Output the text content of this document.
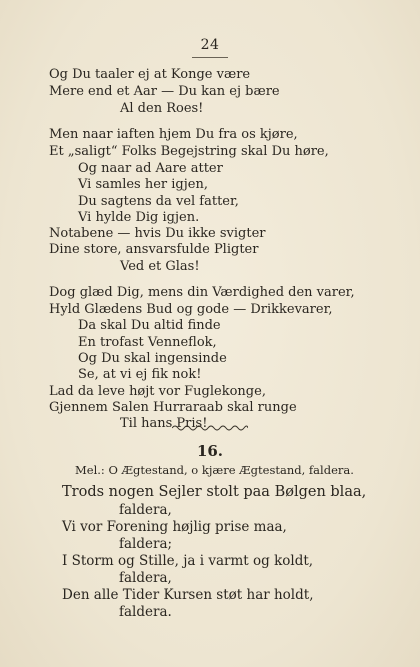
24
Og Du taaler ej at Konge være
Mere end et Aar — Du kan ej bære
Al den Roes!
Men naar iaften hjem Du fra os kjøre,
Et „saligt“ Folks Begejstring skal Du høre,
Og naar ad Aare atter
Vi samles her igjen,
Du sagtens da vel fatter,
Vi hylde Dig igjen.
Notabene — hvis Du ikke svigter
Dine store, ansvarsfulde Pligter
Ved et Glas!
Dog glæd Dig, mens din Værdighed den varer,
Hyld Glædens Bud og gode — Drikkevarer,
Da skal Du altid finde
En trofast Venneflok,
Og Du skal ingensinde
Se, at vi ej fik nok!
Lad da leve højt vor Fuglekonge,
Gjennem Salen Hurraraab skal runge
Til hans Pris!
16.
Mel.: O Ægtestand, o kjære Ægtestand, faldera.
Trods nogen Sejler stolt paa Bølgen blaa,
faldera,
Vi vor Forening højlig prise maa,
faldera;
I Storm og Stille, ja i varmt og koldt,
faldera,
Den alle Tider Kursen støt har holdt,
faldera.
